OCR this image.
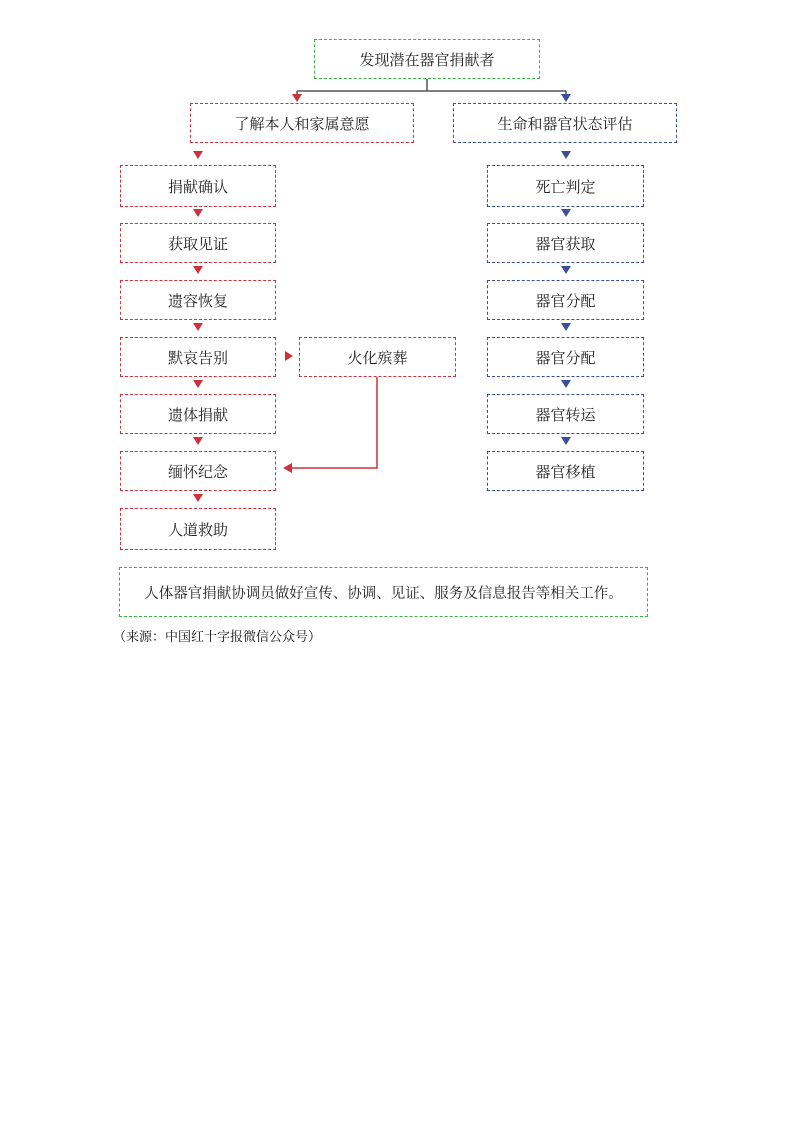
发现潜在器官捐献者
了解本人和家属意愿	生命和器官状态评估
捐献确认
获取见证
遗容恢复
默哀告别
遗体捐献
缅怀纪念
人道救助
火化殡葬
死亡判定
器官获取
器官分配
器官分配
器官转运
器官移植
人体器官捐献协调员做好宣传、协调、见证、服务及信息报告等相关工作。
（来源：中国红十字报微信公众号）
